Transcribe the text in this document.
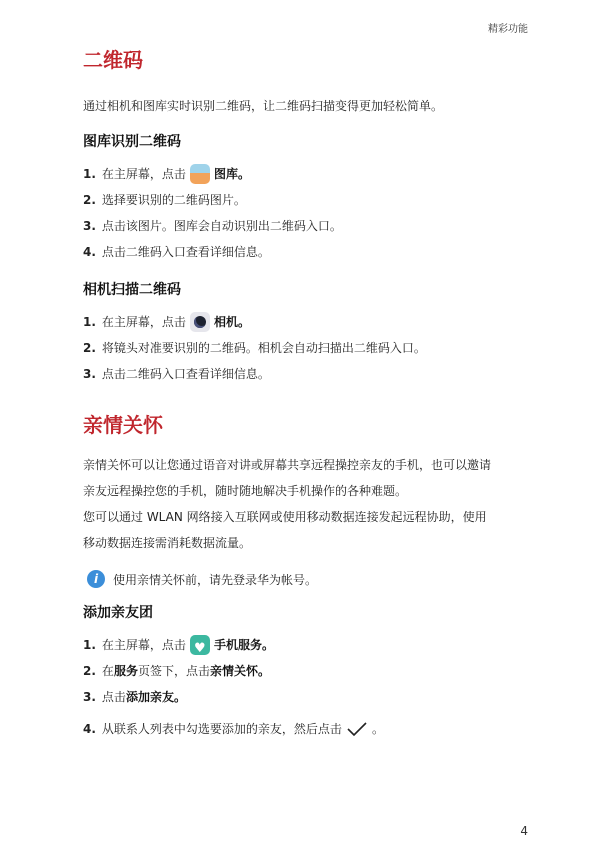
精彩功能
二维码

通过相机和图库实时识别二维码，让二维码扫描变得更加轻松简单。

图库识别二维码
1. 在主屏幕，点击 图库 。
2. 选择要识别的二维码图片。
3. 点击该图片。图库会自动识别出二维码入口。
4. 点击二维码入口查看详细信息。
相机扫描二维码
1. 在主屏幕，点击 相机 。
2. 将镜头对准要识别的二维码。相机会自动扫描出二维码入口。
3. 点击二维码入口查看详细信息。
亲情关怀

亲情关怀可以让您通过语音对讲或屏幕共享远程操控亲友的手机，也可以邀请

亲友远程操控您的手机，随时随地解决手机操作的各种难题。

您可以通过 WLAN 网络接入互联网或使用移动数据连接发起远程协助，使用

移动数据连接需消耗数据流量。

i	使用亲情关怀前，请先登录华为帐号。
添加亲友团
1. 在主屏幕，点击
♥ 手机服务 。
2. 在 服务 页签下，点击 亲情关怀 。
3. 点击 添加亲友 。
4. 从联系人列表中勾选要添加的亲友，然后点击	。
4
